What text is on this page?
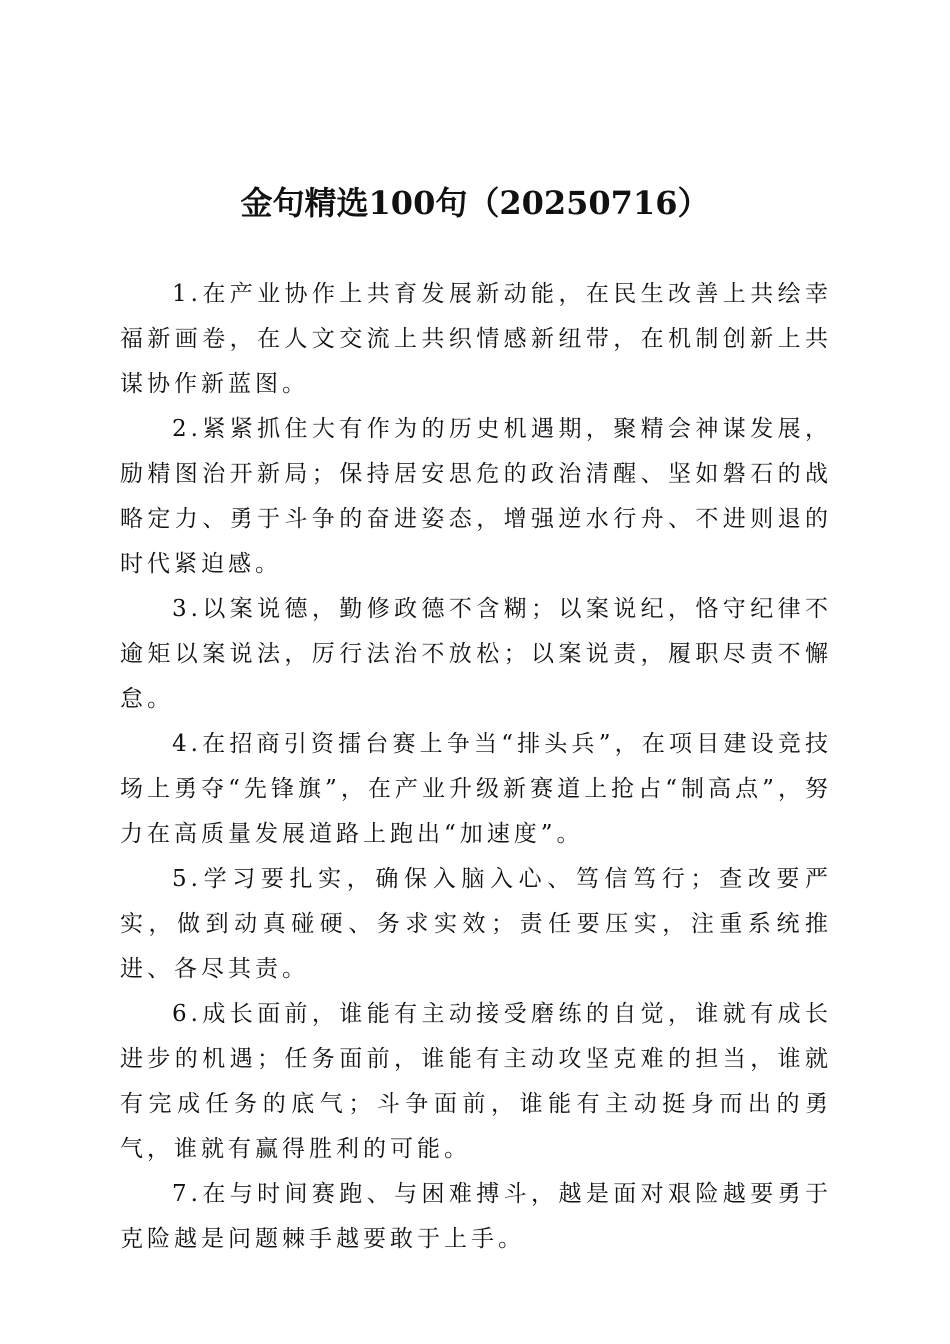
金句精选100句（20250716）

1.在产业协作上共育发展新动能，在民生改善上共绘幸福新画卷，在人文交流上共织情感新纽带，在机制创新上共谋协作新蓝图。

2.紧紧抓住大有作为的历史机遇期，聚精会神谋发展，励精图治开新局；保持居安思危的政治清醒、坚如磐石的战略定力、勇于斗争的奋进姿态，增强逆水行舟、不进则退的时代紧迫感。

3.以案说德，勤修政德不含糊；以案说纪，恪守纪律不逾矩以案说法，厉行法治不放松；以案说责，履职尽责不懈怠。

4.在招商引资擂台赛上争当“排头兵”，在项目建设竞技场上勇夺“先锋旗”，在产业升级新赛道上抢占“制高点”，努力在高质量发展道路上跑出“加速度”。

5.学习要扎实，确保入脑入心、笃信笃行；查改要严实，做到动真碰硬、务求实效；责任要压实，注重系统推进、各尽其责。

6.成长面前，谁能有主动接受磨练的自觉，谁就有成长进步的机遇；任务面前，谁能有主动攻坚克难的担当，谁就有完成任务的底气；斗争面前，谁能有主动挺身而出的勇气，谁就有赢得胜利的可能。

7.在与时间赛跑、与困难搏斗，越是面对艰险越要勇于克险越是问题棘手越要敢于上手。
